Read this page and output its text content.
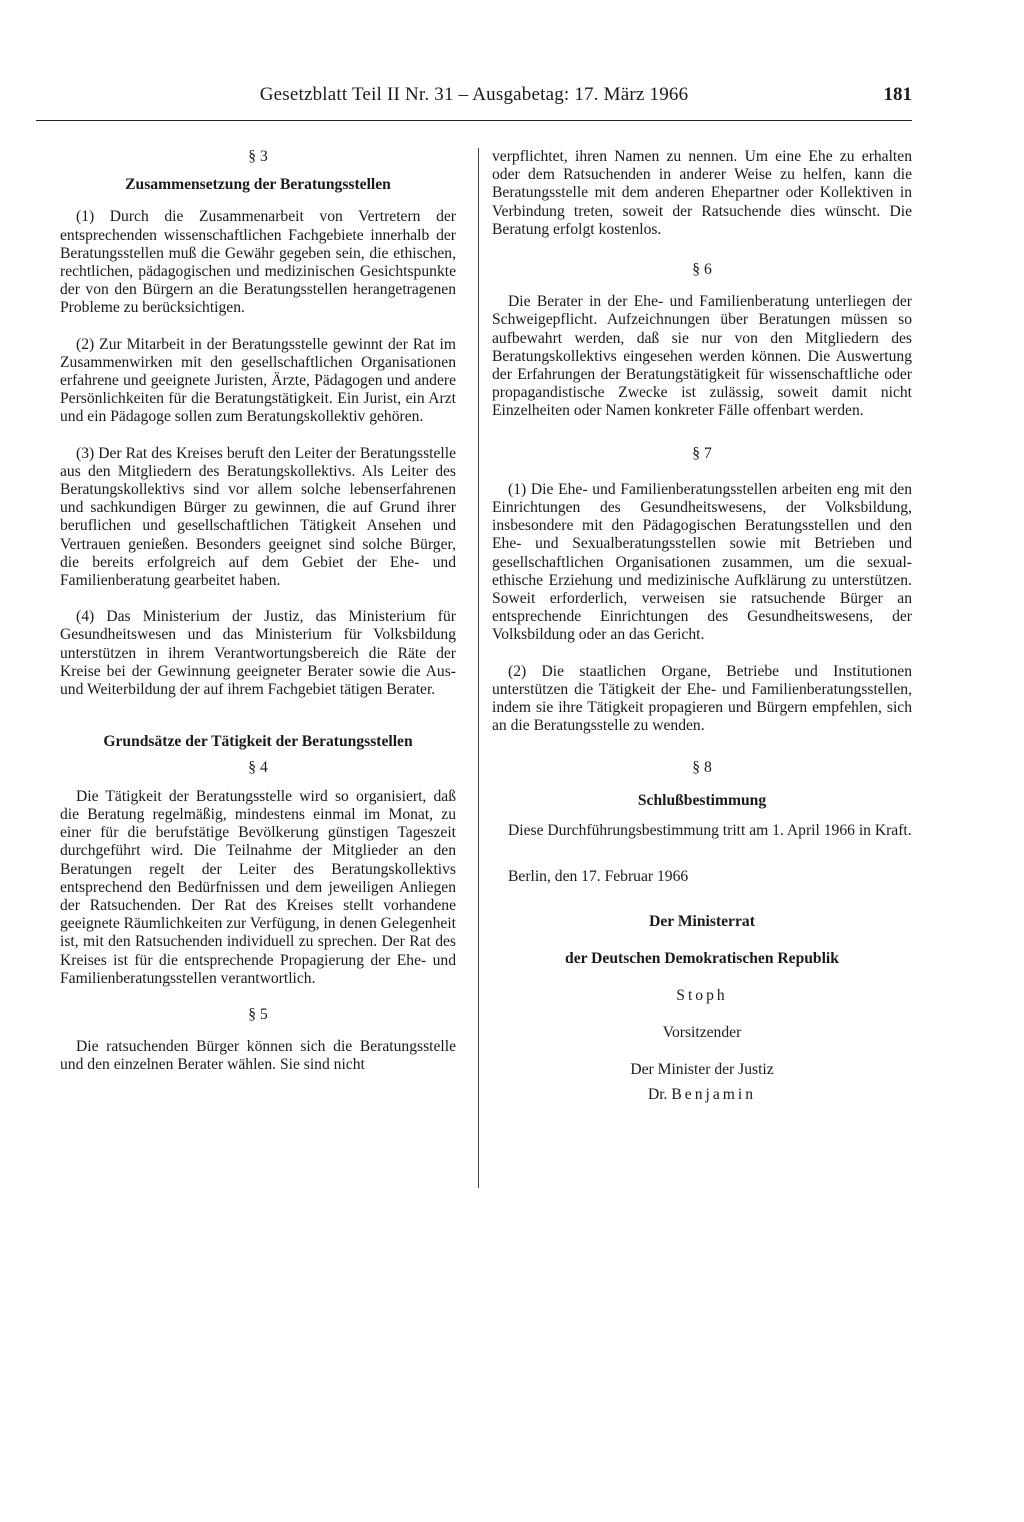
Gesetzblatt Teil II Nr. 31 – Ausgabetag: 17. März 1966	181
§ 3
Zusammensetzung der Beratungsstellen

(1) Durch die Zusammenarbeit von Vertretern der entsprechenden wissenschaftlichen Fachgebiete innerhalb der Beratungsstellen muß die Gewähr gegeben sein, die ethischen, rechtlichen, pädagogischen und medizinischen Gesichtspunkte der von den Bürgern an die Beratungsstellen herangetragenen Probleme zu berücksichtigen.

(2) Zur Mitarbeit in der Beratungsstelle gewinnt der Rat im Zusammenwirken mit den gesellschaftlichen Organisationen erfahrene und geeignete Juristen, Ärzte, Pädagogen und andere Persönlichkeiten für die Beratungstätigkeit. Ein Jurist, ein Arzt und ein Pädagoge sollen zum Beratungskollektiv gehören.

(3) Der Rat des Kreises beruft den Leiter der Beratungsstelle aus den Mitgliedern des Beratungskollektivs. Als Leiter des Beratungskollektivs sind vor allem solche lebenserfahrenen und sachkundigen Bürger zu gewinnen, die auf Grund ihrer beruflichen und gesellschaftlichen Tätigkeit Ansehen und Vertrauen genießen. Besonders geeignet sind solche Bürger, die bereits erfolgreich auf dem Gebiet der Ehe- und Familienberatung gearbeitet haben.

(4) Das Ministerium der Justiz, das Ministerium für Gesundheitswesen und das Ministerium für Volksbildung unterstützen in ihrem Verantwortungsbereich die Räte der Kreise bei der Gewinnung geeigneter Berater sowie die Aus- und Weiterbildung der auf ihrem Fachgebiet tätigen Berater.

Grundsätze der Tätigkeit der Beratungsstellen
§ 4

Die Tätigkeit der Beratungsstelle wird so organisiert, daß die Beratung regelmäßig, mindestens einmal im Monat, zu einer für die berufstätige Bevölkerung günstigen Tageszeit durchgeführt wird. Die Teilnahme der Mitglieder an den Beratungen regelt der Leiter des Beratungskollektivs entsprechend den Bedürfnissen und dem jeweiligen Anliegen der Ratsuchenden. Der Rat des Kreises stellt vorhandene geeignete Räumlichkeiten zur Verfügung, in denen Gelegenheit ist, mit den Ratsuchenden individuell zu sprechen. Der Rat des Kreises ist für die entsprechende Propagierung der Ehe- und Familienberatungsstellen verantwortlich.

§ 5

Die ratsuchenden Bürger können sich die Beratungsstelle und den einzelnen Berater wählen. Sie sind nicht

verpflichtet, ihren Namen zu nennen. Um eine Ehe zu erhalten oder dem Ratsuchenden in anderer Weise zu helfen, kann die Beratungsstelle mit dem anderen Ehepartner oder Kollektiven in Verbindung treten, soweit der Ratsuchende dies wünscht. Die Beratung erfolgt kostenlos.

§ 6

Die Berater in der Ehe- und Familienberatung unterliegen der Schweigepflicht. Aufzeichnungen über Beratungen müssen so aufbewahrt werden, daß sie nur von den Mitgliedern des Beratungskollektivs eingesehen werden können. Die Auswertung der Erfahrungen der Beratungstätigkeit für wissenschaftliche oder propagandistische Zwecke ist zulässig, soweit damit nicht Einzelheiten oder Namen konkreter Fälle offenbart werden.

§ 7

(1) Die Ehe- und Familienberatungsstellen arbeiten eng mit den Einrichtungen des Gesundheitswesens, der Volksbildung, insbesondere mit den Pädagogischen Beratungsstellen und den Ehe- und Sexualberatungsstellen sowie mit Betrieben und gesellschaftlichen Organisationen zusammen, um die sexual-ethische Erziehung und medizinische Aufklärung zu unterstützen. Soweit erforderlich, verweisen sie ratsuchende Bürger an entsprechende Einrichtungen des Gesundheitswesens, der Volksbildung oder an das Gericht.

(2) Die staatlichen Organe, Betriebe und Institutionen unterstützen die Tätigkeit der Ehe- und Familienberatungsstellen, indem sie ihre Tätigkeit propagieren und Bürgern empfehlen, sich an die Beratungsstelle zu wenden.

§ 8
Schlußbestimmung

Diese Durchführungsbestimmung tritt am 1. April 1966 in Kraft.

Berlin, den 17. Februar 1966

Der Ministerrat

der Deutschen Demokratischen Republik

Stoph

Vorsitzender

Der Minister der Justiz

Dr. Benjamin
